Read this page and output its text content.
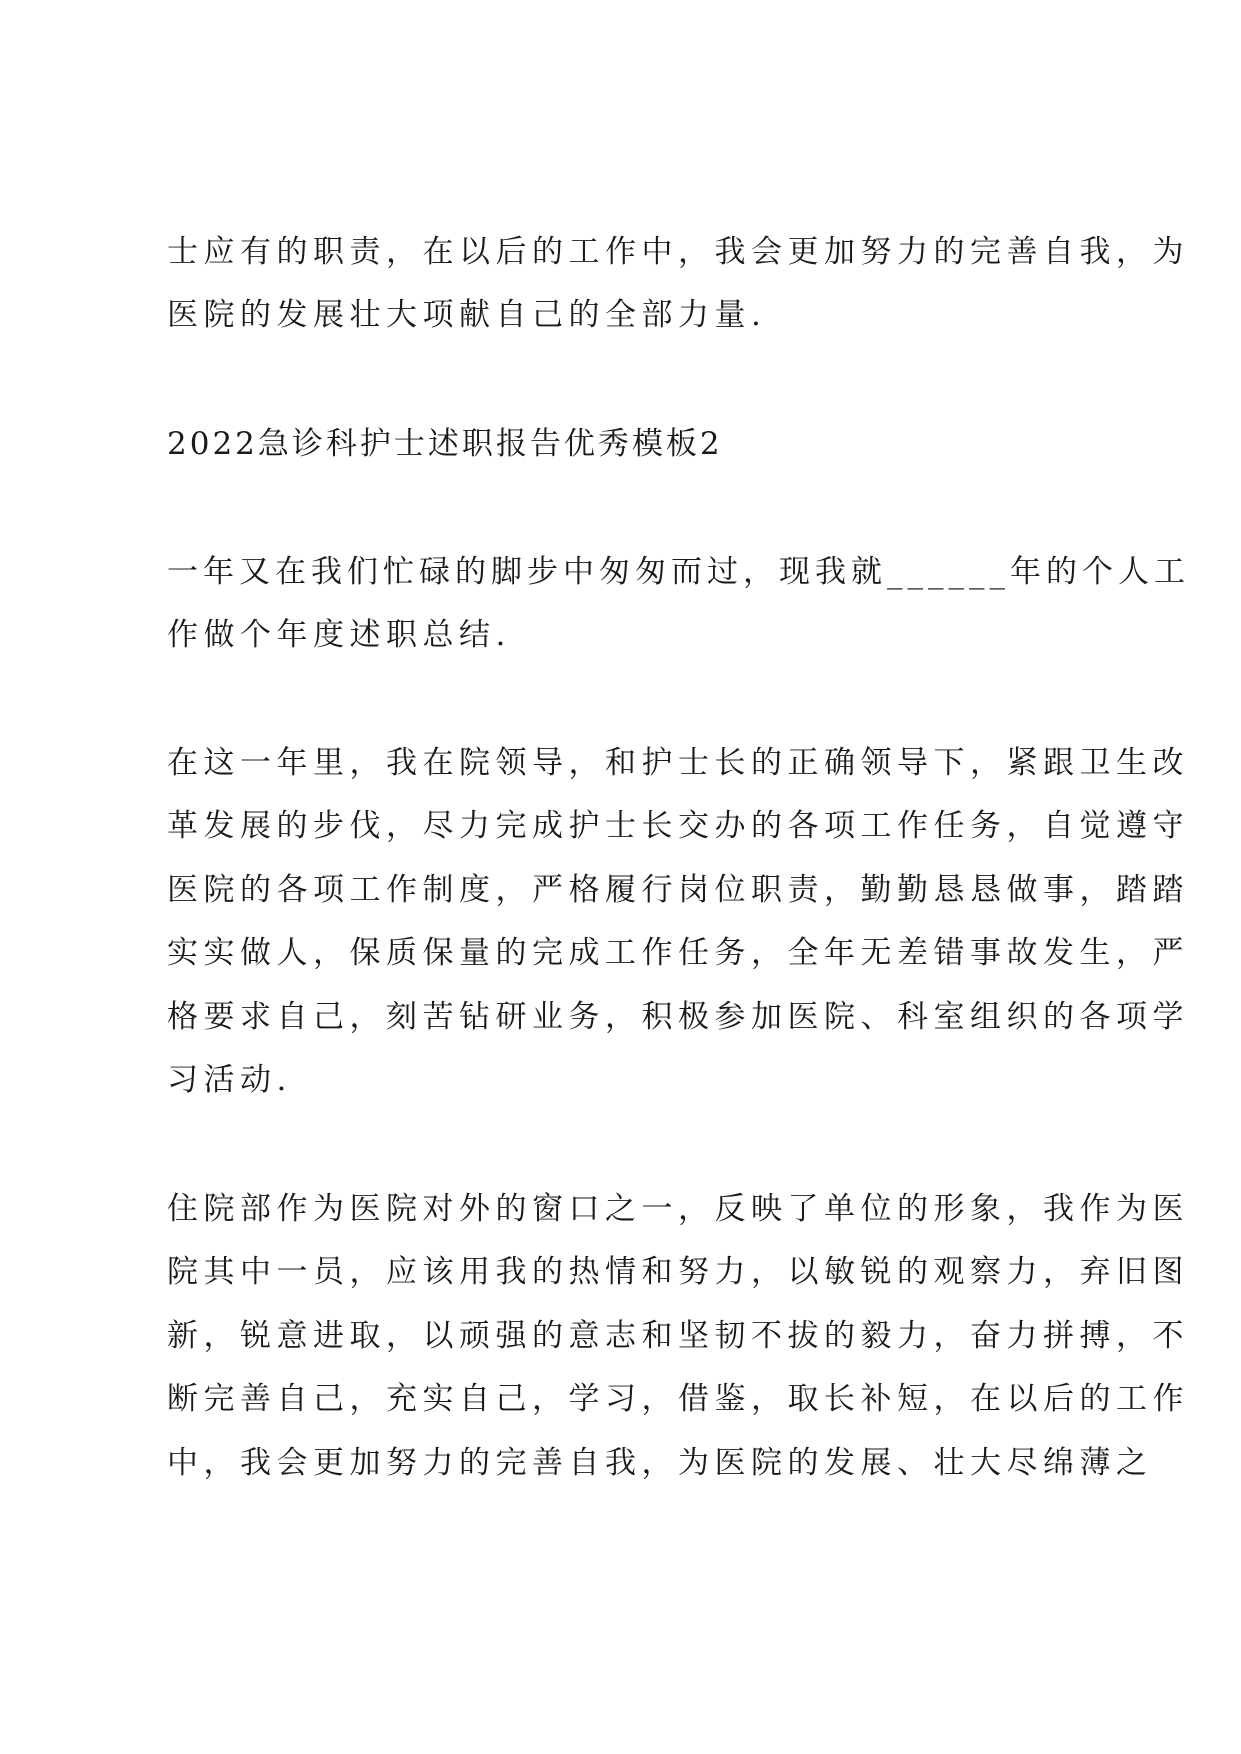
士应有的职责，在以后的工作中，我会更加努力的完善自我，为
医院的发展壮大项献自己的全部力量.
2022急诊科护士述职报告优秀模板2
一年又在我们忙碌的脚步中匆匆而过，现我就______年的个人工
作做个年度述职总结.
在这一年里，我在院领导，和护士长的正确领导下，紧跟卫生改
革发展的步伐，尽力完成护士长交办的各项工作任务，自觉遵守
医院的各项工作制度，严格履行岗位职责，勤勤恳恳做事，踏踏
实实做人，保质保量的完成工作任务，全年无差错事故发生，严
格要求自己，刻苦钻研业务，积极参加医院、科室组织的各项学
习活动.
住院部作为医院对外的窗口之一，反映了单位的形象，我作为医
院其中一员，应该用我的热情和努力，以敏锐的观察力，弃旧图
新，锐意进取，以顽强的意志和坚韧不拔的毅力，奋力拼搏，不
断完善自己，充实自己，学习，借鉴，取长补短，在以后的工作
中，我会更加努力的完善自我，为医院的发展、壮大尽绵薄之
